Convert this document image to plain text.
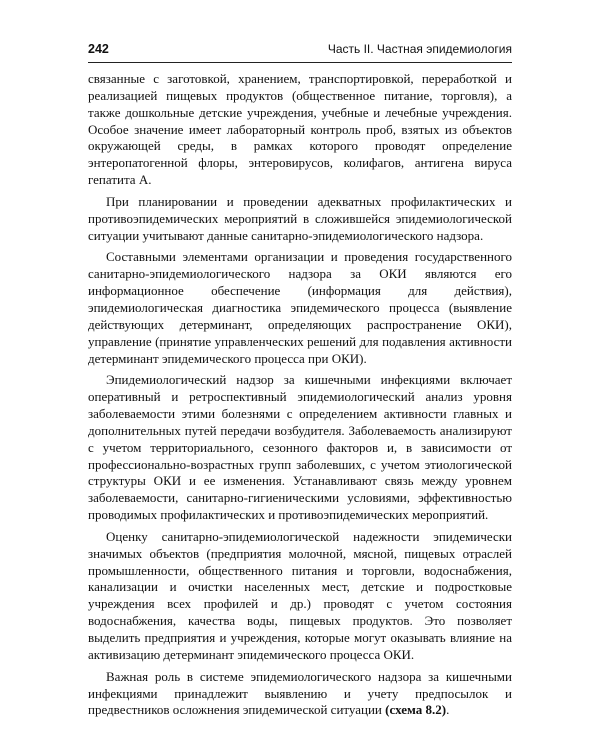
242	Часть II. Частная эпидемиология

связанные с заготовкой, хранением, транспортировкой, переработкой и реализацией пищевых продуктов (общественное питание, торговля), а также дошкольные детские учреждения, учебные и лечебные учреждения. Особое значение имеет лабораторный контроль проб, взятых из объектов окружающей среды, в рамках которого проводят определение энтеропатогенной флоры, энтеровирусов, колифагов, антигена вируса гепатита А.

При планировании и проведении адекватных профилактических и противоэпидемических мероприятий в сложившейся эпидемиологической ситуации учитывают данные санитарно-эпидемиологического надзора.

Составными элементами организации и проведения государственного санитарно-эпидемиологического надзора за ОКИ являются его информационное обеспечение (информация для действия), эпидемиологическая диагностика эпидемического процесса (выявление действующих детерминант, определяющих распространение ОКИ), управление (принятие управленческих решений для подавления активности детерминант эпидемического процесса при ОКИ).

Эпидемиологический надзор за кишечными инфекциями включает оперативный и ретроспективный эпидемиологический анализ уровня заболеваемости этими болезнями с определением активности главных и дополнительных путей передачи возбудителя. Заболеваемость анализируют с учетом территориального, сезонного факторов и, в зависимости от профессионально-возрастных групп заболевших, с учетом этиологической структуры ОКИ и ее изменения. Устанавливают связь между уровнем заболеваемости, санитарно-гигиеническими условиями, эффективностью проводимых профилактических и противоэпидемических мероприятий.

Оценку санитарно-эпидемиологической надежности эпидемически значимых объектов (предприятия молочной, мясной, пищевых отраслей промышленности, общественного питания и торговли, водоснабжения, канализации и очистки населенных мест, детские и подростковые учреждения всех профилей и др.) проводят с учетом состояния водоснабжения, качества воды, пищевых продуктов. Это позволяет выделить предприятия и учреждения, которые могут оказывать влияние на активизацию детерминант эпидемического процесса ОКИ.

Важная роль в системе эпидемиологического надзора за кишечными инфекциями принадлежит выявлению и учету предпосылок и предвестников осложнения эпидемической ситуации (схема 8.2).
